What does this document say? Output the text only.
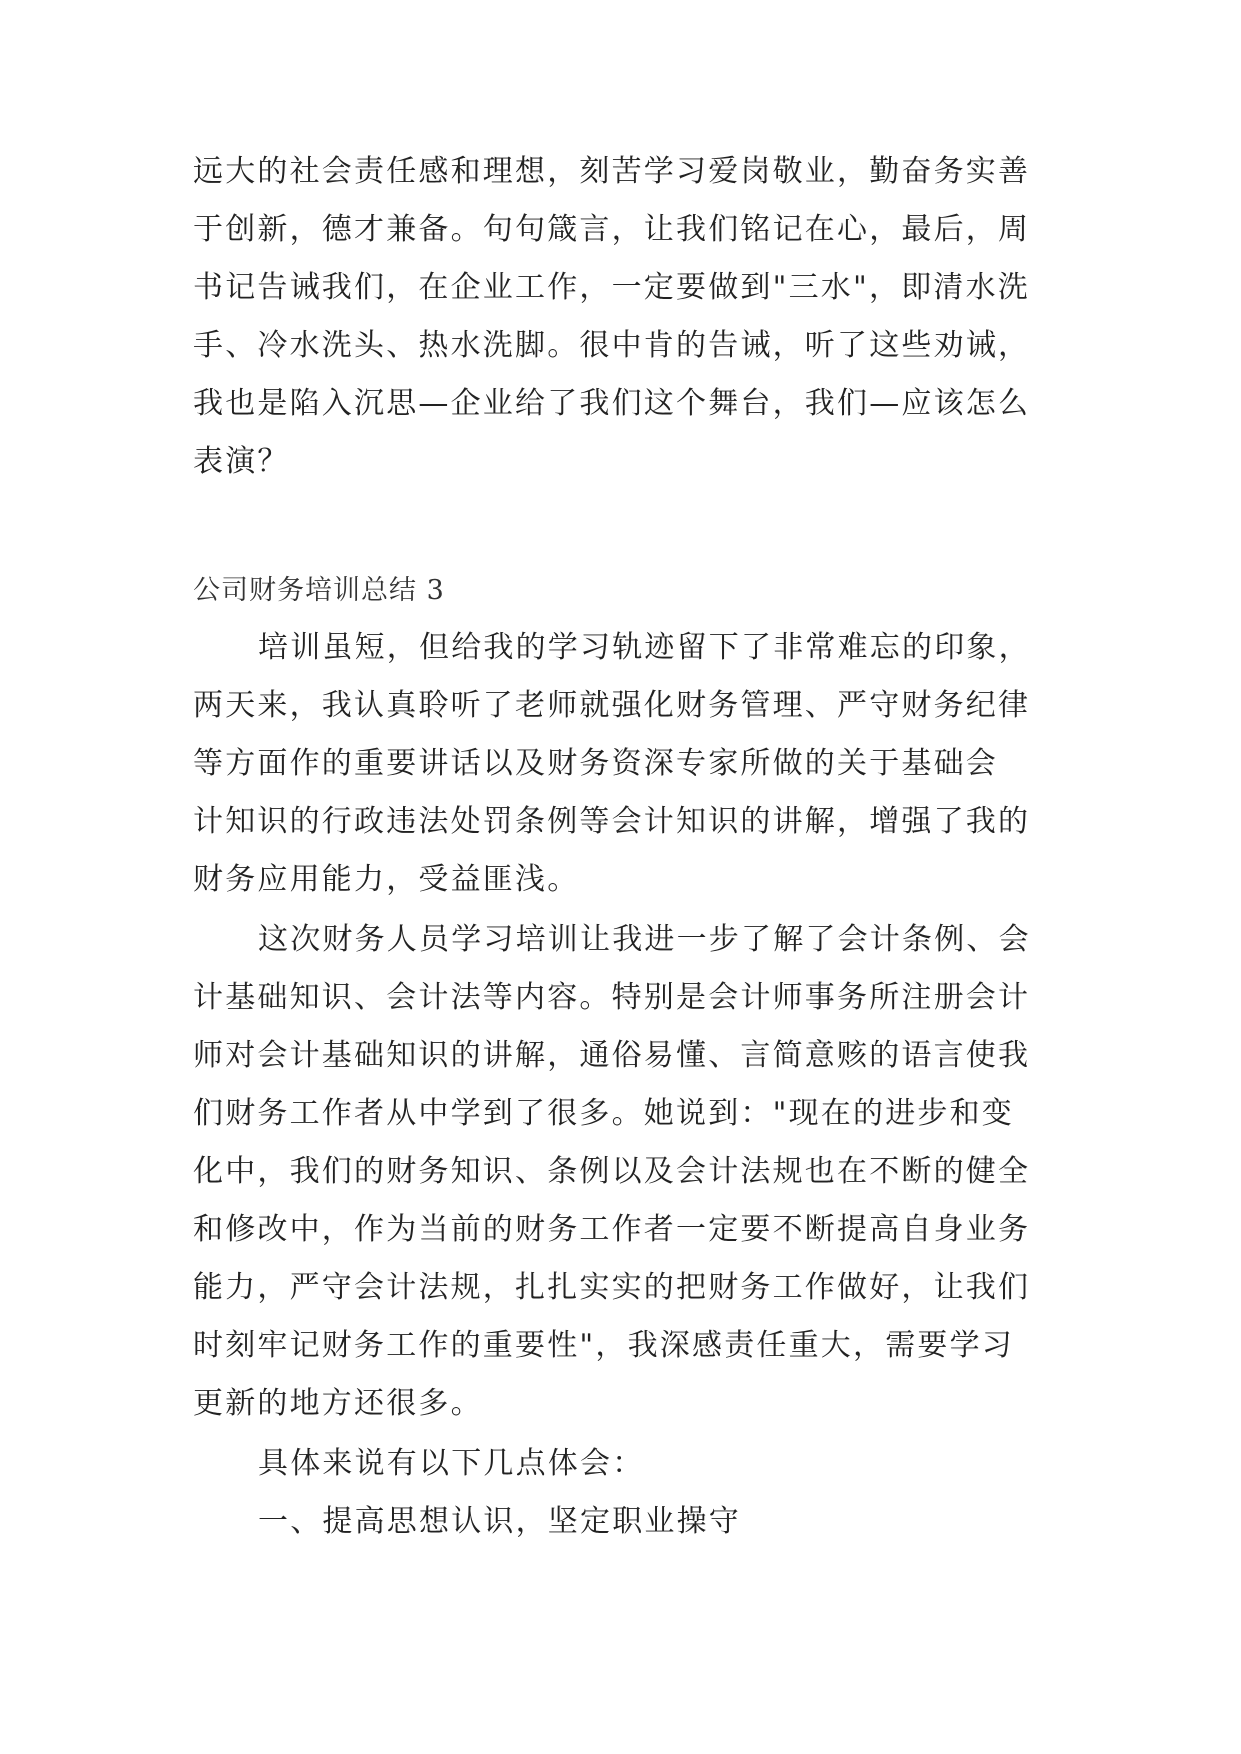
远大的社会责任感和理想，刻苦学习爱岗敬业，勤奋务实善
于创新，德才兼备。句句箴言，让我们铭记在心，最后，周
书记告诫我们，在企业工作，一定要做到"三水"，即清水洗
手、冷水洗头、热水洗脚。很中肯的告诫，听了这些劝诫，
我也是陷入沉思—企业给了我们这个舞台，我们—应该怎么
表演？
公司财务培训总结 3
培训虽短，但给我的学习轨迹留下了非常难忘的印象，
两天来，我认真聆听了老师就强化财务管理、严守财务纪律
等方面作的重要讲话以及财务资深专家所做的关于基础会
计知识的行政违法处罚条例等会计知识的讲解，增强了我的
财务应用能力，受益匪浅。
这次财务人员学习培训让我进一步了解了会计条例、会
计基础知识、会计法等内容。特别是会计师事务所注册会计
师对会计基础知识的讲解，通俗易懂、言简意赅的语言使我
们财务工作者从中学到了很多。她说到："现在的进步和变
化中，我们的财务知识、条例以及会计法规也在不断的健全
和修改中，作为当前的财务工作者一定要不断提高自身业务
能力，严守会计法规，扎扎实实的把财务工作做好，让我们
时刻牢记财务工作的重要性"，我深感责任重大，需要学习
更新的地方还很多。
具体来说有以下几点体会：
一、提高思想认识，坚定职业操守
